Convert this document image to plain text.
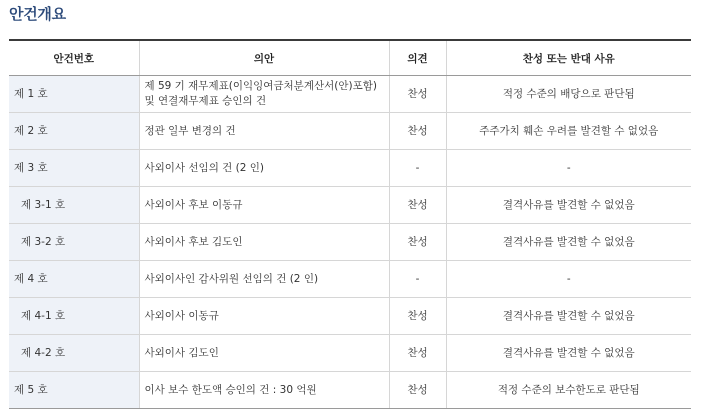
안건개요
안건번호	의안	의견	찬성 또는 반대 사유
제 1 호	제 59 기 재무제표(이익잉여금처분계산서(안)포함) 및 연결재무제표 승인의 건	찬성	적정 수준의 배당으로 판단됨
제 2 호	정관 일부 변경의 건	찬성	주주가치 훼손 우려를 발견할 수 없었음
제 3 호	사외이사 선임의 건 (2 인)	-	-
제 3-1 호	사외이사 후보 이동규	찬성	결격사유를 발견할 수 없었음
제 3-2 호	사외이사 후보 김도인	찬성	결격사유를 발견할 수 없었음
제 4 호	사외이사인 감사위원 선임의 건 (2 인)	-	-
제 4-1 호	사외이사 이동규	찬성	결격사유를 발견할 수 없었음
제 4-2 호	사외이사 김도인	찬성	결격사유를 발견할 수 없었음
제 5 호	이사 보수 한도액 승인의 건 : 30 억원	찬성	적정 수준의 보수한도로 판단됨
